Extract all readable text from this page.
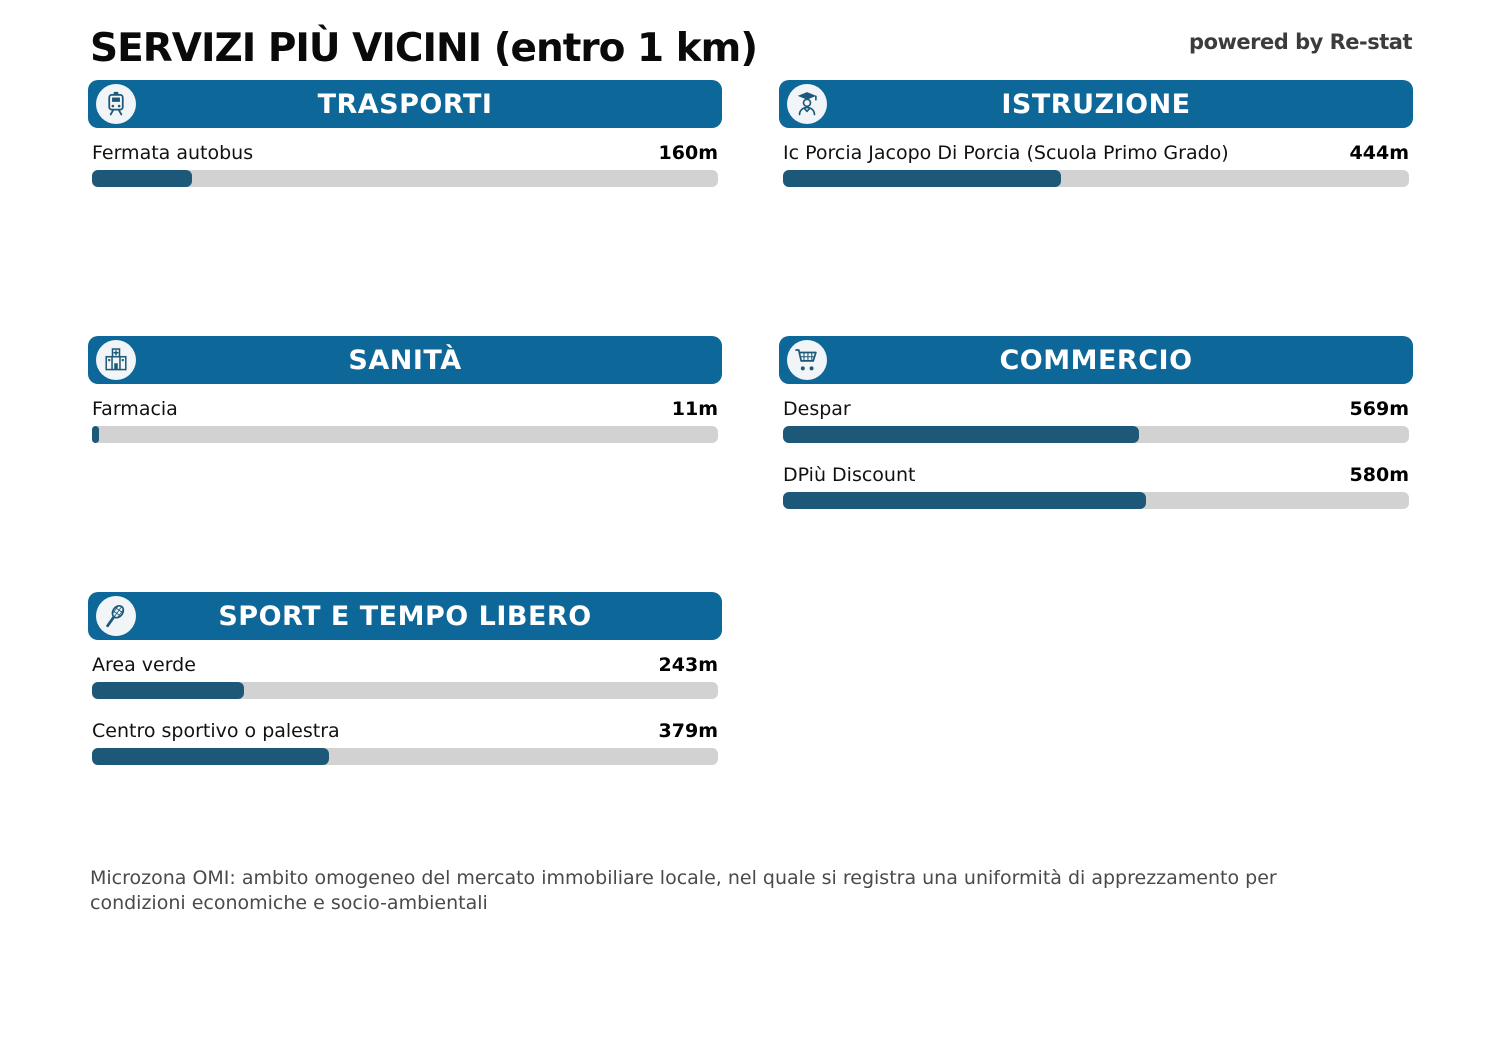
SERVIZI PIÙ VICINI (entro 1 km)	powered by Re-stat
TRASPORTI
Fermata autobus	160m
ISTRUZIONE
Ic Porcia Jacopo Di Porcia (Scuola Primo Grado)	444m
SANITÀ
Farmacia	11m
COMMERCIO
Despar	569m
DPiù Discount	580m
SPORT E TEMPO LIBERO
Area verde	243m
Centro sportivo o palestra	379m

Microzona OMI: ambito omogeneo del mercato immobiliare locale, nel quale si registra una uniformità di apprezzamento per condizioni economiche e socio-ambientali
